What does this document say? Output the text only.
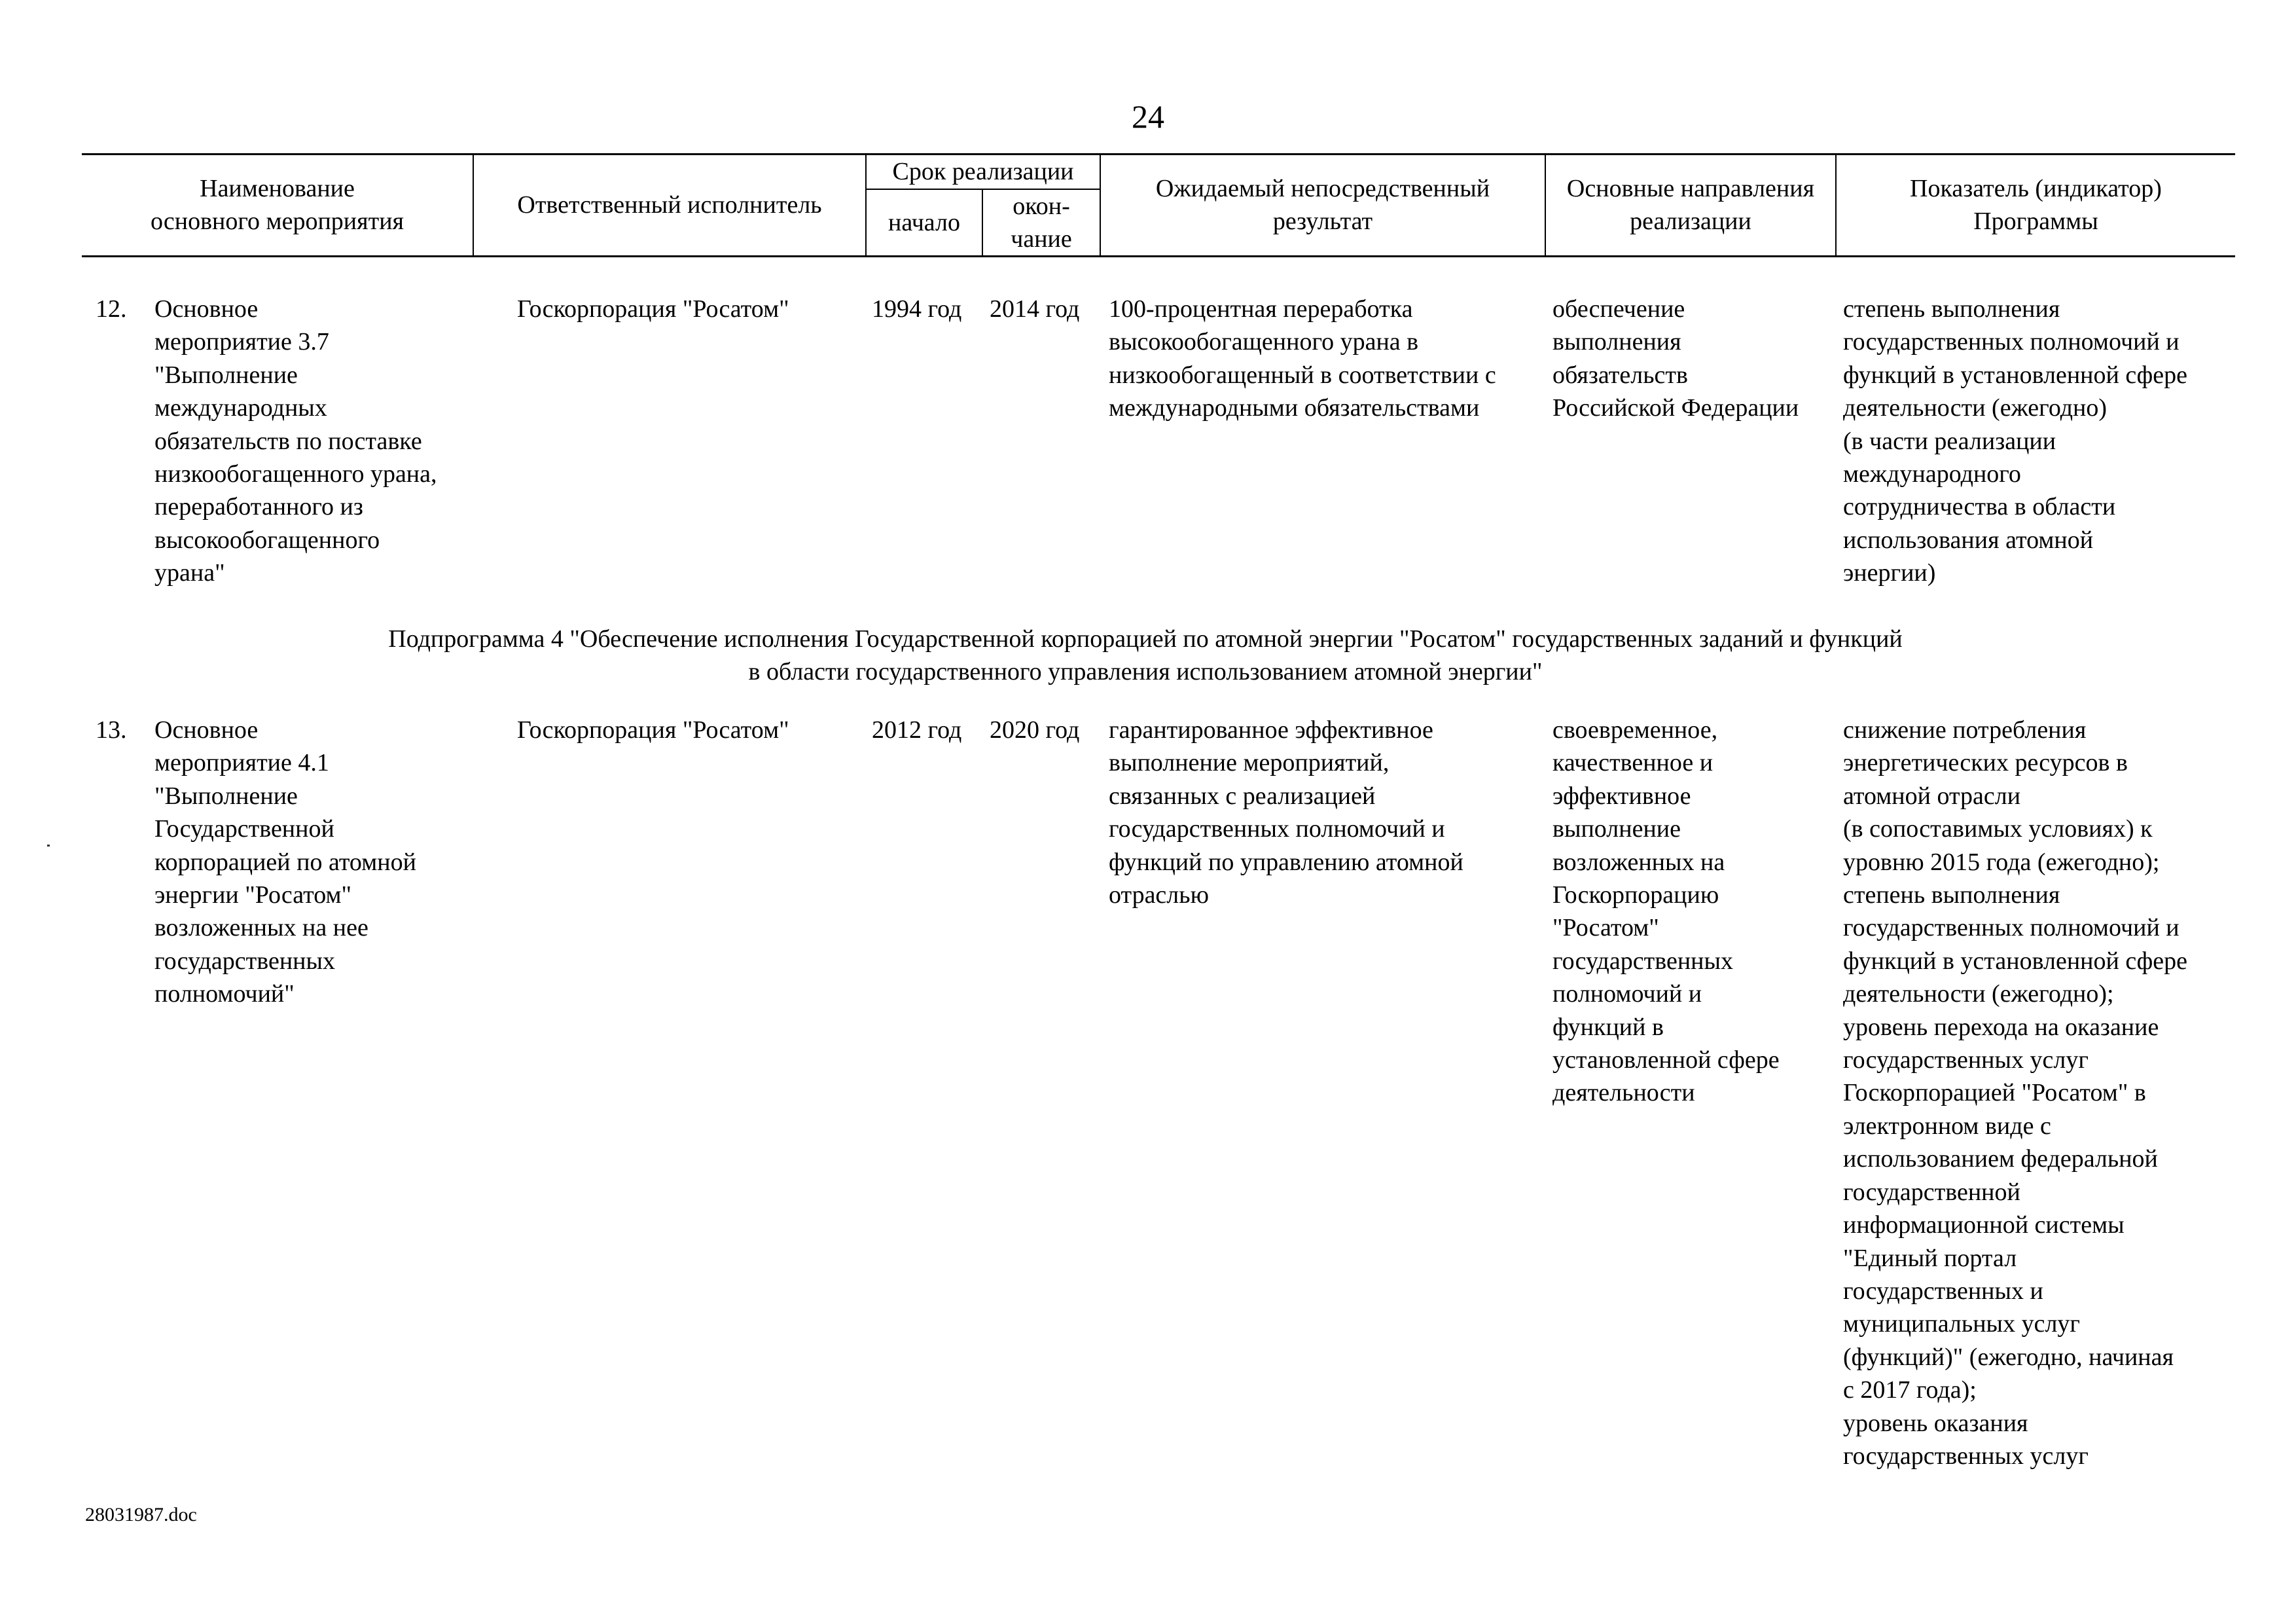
24
Наименование
основного мероприятия
Ответственный исполнитель
Срок реализации
начало
окон-
чание
Ожидаемый непосредственный
результат
Основные направления
реализации
Показатель (индикатор)
Программы
12. Основное
мероприятие 3.7
"Выполнение
международных
обязательств по поставке
низкообогащенного урана,
переработанного из
высокообогащенного
урана"
Госкорпорация "Росатом"	1994 год 2014 год 100-процентная переработка
высокообогащенного урана в
низкообогащенный в соответствии с
международными обязательствами
обеспечение
выполнения
обязательств
Российской Федерации
степень выполнения
государственных полномочий и
функций в установленной сфере
деятельности (ежегодно)
(в части реализации
международного
сотрудничества в области
использования атомной
энергии)
Подпрограмма 4 "Обеспечение исполнения Государственной корпорацией по атомной энергии "Росатом" государственных заданий и функций
в области государственного управления использованием атомной энергии"
13. Основное
мероприятие 4.1
"Выполнение
Государственной
корпорацией по атомной
энергии "Росатом"
возложенных на нее
государственных
полномочий"
Госкорпорация "Росатом"	2012 год 2020 год гарантированное эффективное
выполнение мероприятий,
связанных с реализацией
государственных полномочий и
функций по управлению атомной
отраслью
своевременное,
качественное и
эффективное
выполнение
возложенных на
Госкорпорацию
"Росатом"
государственных
полномочий и
функций в
установленной сфере
деятельности
снижение потребления
энергетических ресурсов в
атомной отрасли
(в сопоставимых условиях) к
уровню 2015 года (ежегодно);
степень выполнения
государственных полномочий и
функций в установленной сфере
деятельности (ежегодно);
уровень перехода на оказание
государственных услуг
Госкорпорацией "Росатом" в
электронном виде с
использованием федеральной
государственной
информационной системы
"Единый портал
государственных и
муниципальных услуг
(функций)" (ежегодно, начиная
с 2017 года);
уровень оказания
государственных услуг
28031987.doc
